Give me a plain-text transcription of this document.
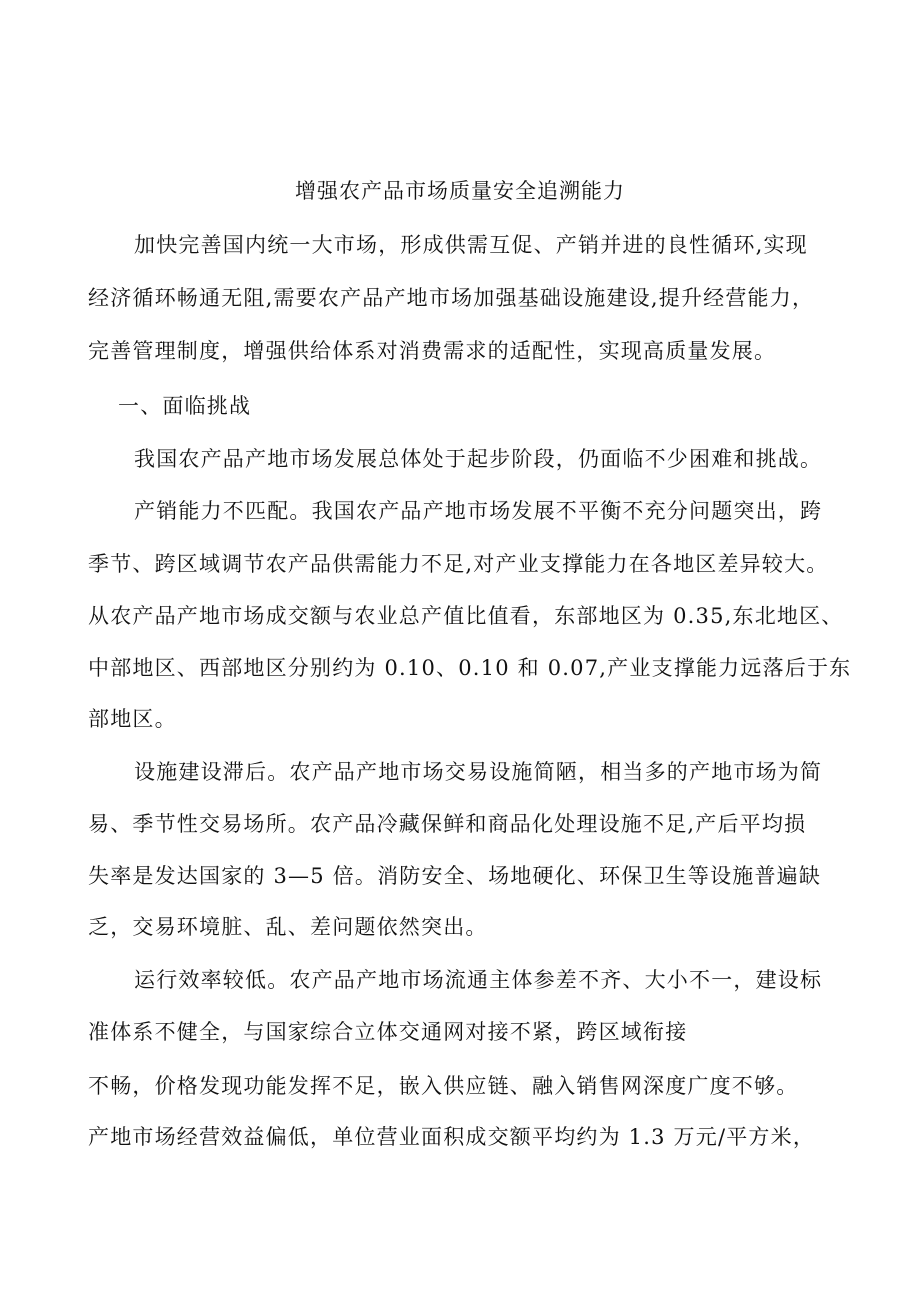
增强农产品市场质量安全追溯能力
加快完善国内统一大市场，形成供需互促、产销并进的良性循环,实现
经济循环畅通无阻,需要农产品产地市场加强基础设施建设,提升经营能力，
完善管理制度，增强供给体系对消费需求的适配性，实现高质量发展。
一、面临挑战
我国农产品产地市场发展总体处于起步阶段，仍面临不少困难和挑战。
产销能力不匹配。我国农产品产地市场发展不平衡不充分问题突出，跨
季节、跨区域调节农产品供需能力不足,对产业支撑能力在各地区差异较大。
从农产品产地市场成交额与农业总产值比值看，东部地区为 0.35,东北地区、
中部地区、西部地区分别约为 0.10、0.10 和 0.07,产业支撑能力远落后于东
部地区。
设施建设滞后。农产品产地市场交易设施简陋，相当多的产地市场为简
易、季节性交易场所。农产品冷藏保鲜和商品化处理设施不足,产后平均损
失率是发达国家的 3—5 倍。消防安全、场地硬化、环保卫生等设施普遍缺
乏，交易环境脏、乱、差问题依然突出。
运行效率较低。农产品产地市场流通主体参差不齐、大小不一，建设标
准体系不健全，与国家综合立体交通网对接不紧，跨区域衔接
不畅，价格发现功能发挥不足，嵌入供应链、融入销售网深度广度不够。
产地市场经营效益偏低，单位营业面积成交额平均约为 1.3 万元/平方米，
